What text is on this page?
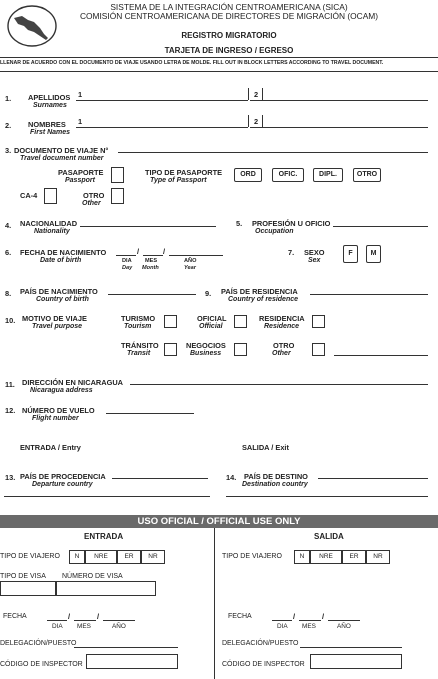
SISTEMA DE LA INTEGRACIÓN CENTROAMERICANA (SICA)
COMISIÓN CENTROAMERICANA DE DIRECTORES DE MIGRACIÓN (OCAM)
REGISTRO MIGRATORIO
TARJETA DE INGRESO / EGRESO
LLENAR DE ACUERDO CON EL DOCUMENTO DE VIAJE USANDO LETRA DE MOLDE. FILL OUT IN BLOCK LETTERS ACCORDING TO TRAVEL DOCUMENT.
1. APELLIDOS
Surnames
1	2
2. NOMBRES
First Names
1	2
3. DOCUMENTO DE VIAJE N°
Travel document number
PASAPORTE
Passport
TIPO DE PASAPORTE
Type of Passport
ORD	OFIC.	DIPL.	OTRO
CA-4	OTRO
Other
4. NACIONALIDAD
Nationality
5. PROFESIÓN U OFICIO
Occupation
6. FECHA DE NACIMIENTO
Date of birth
/	/
DIA MES	AÑO
Day Month	Year
7. SEXO
Sex
F	M
8. PAÍS DE NACIMIENTO
Country of birth
9. PAÍS DE RESIDENCIA
Country of residence
10. MOTIVO DE VIAJE
Travel purpose
TURISMO
Tourism
OFICIAL
Official
RESIDENCIA
Residence
TRÁNSITO
Transit
NEGOCIOS
Business
OTRO
Other
11. DIRECCIÓN EN NICARAGUA
Nicaragua address
12. NÚMERO DE VUELO
Flight number
ENTRADA / Entry	SALIDA / Exit
13. PAÍS DE PROCEDENCIA
Departure country
14. PAÍS DE DESTINO
Destination country
USO OFICIAL / OFFICIAL USE ONLY
ENTRADA	SALIDA
TIPO DE VIAJERO	N	NRE	ER	NR
TIPO DE VISA NÚMERO DE VISA
FECHA	/	/
DIA MES	AÑO
DELEGACIÓN/PUESTO
CÓDIGO DE INSPECTOR
TIPO DE VIAJERO	N	NRE	ER	NR
FECHA	/	/
DIA MES	AÑO
DELEGACIÓN/PUESTO
CÓDIGO DE INSPECTOR
